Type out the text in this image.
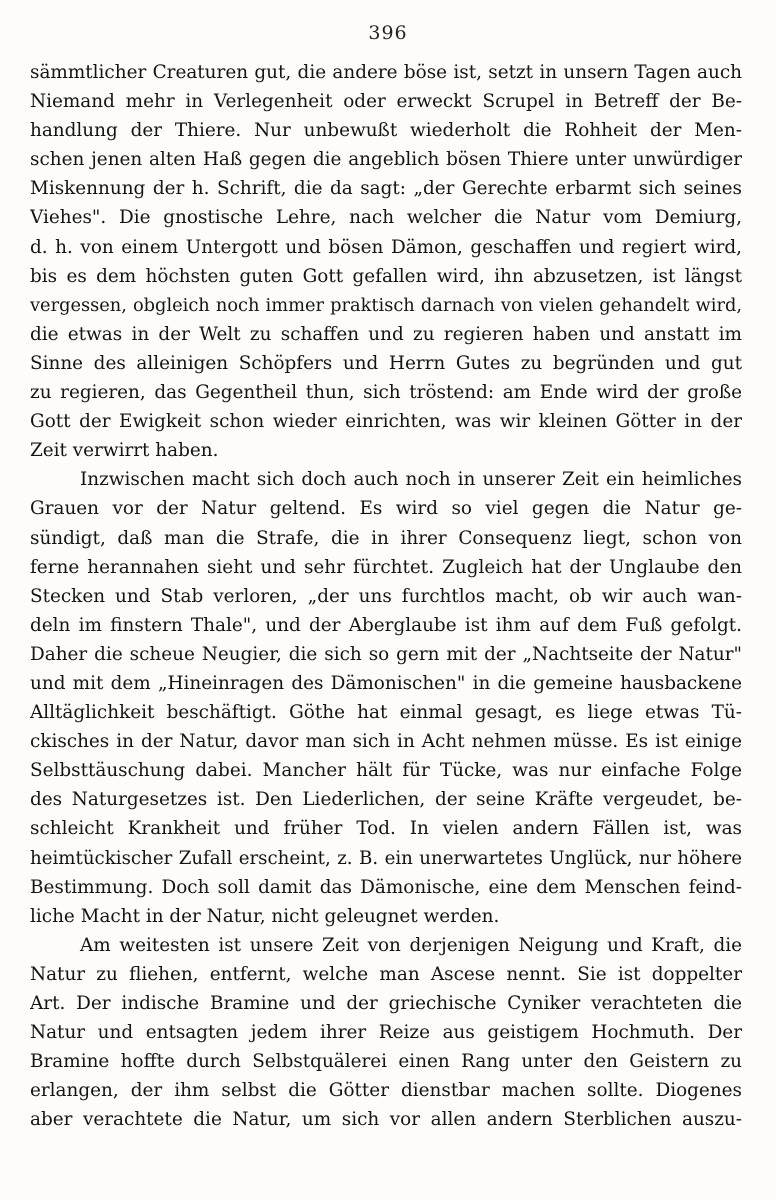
396
sämmtlicher Creaturen gut, die andere böse ist, setzt in unsern Tagen auch
Niemand mehr in Verlegenheit oder erweckt Scrupel in Betreff der Be-
handlung der Thiere. Nur unbewußt wiederholt die Rohheit der Men-
schen jenen alten Haß gegen die angeblich bösen Thiere unter unwürdiger
Miskennung der h. Schrift, die da sagt: „der Gerechte erbarmt sich seines
Viehes". Die gnostische Lehre, nach welcher die Natur vom Demiurg,
d. h. von einem Untergott und bösen Dämon, geschaffen und regiert wird,
bis es dem höchsten guten Gott gefallen wird, ihn abzusetzen, ist längst
vergessen, obgleich noch immer praktisch darnach von vielen gehandelt wird,
die etwas in der Welt zu schaffen und zu regieren haben und anstatt im
Sinne des alleinigen Schöpfers und Herrn Gutes zu begründen und gut
zu regieren, das Gegentheil thun, sich tröstend: am Ende wird der große
Gott der Ewigkeit schon wieder einrichten, was wir kleinen Götter in der
Zeit verwirrt haben.
Inzwischen macht sich doch auch noch in unserer Zeit ein heimliches
Grauen vor der Natur geltend. Es wird so viel gegen die Natur ge-
sündigt, daß man die Strafe, die in ihrer Consequenz liegt, schon von
ferne herannahen sieht und sehr fürchtet. Zugleich hat der Unglaube den
Stecken und Stab verloren, „der uns furchtlos macht, ob wir auch wan-
deln im finstern Thale", und der Aberglaube ist ihm auf dem Fuß gefolgt.
Daher die scheue Neugier, die sich so gern mit der „Nachtseite der Natur"
und mit dem „Hineinragen des Dämonischen" in die gemeine hausbackene
Alltäglichkeit beschäftigt. Göthe hat einmal gesagt, es liege etwas Tü-
ckisches in der Natur, davor man sich in Acht nehmen müsse. Es ist einige
Selbsttäuschung dabei. Mancher hält für Tücke, was nur einfache Folge
des Naturgesetzes ist. Den Liederlichen, der seine Kräfte vergeudet, be-
schleicht Krankheit und früher Tod. In vielen andern Fällen ist, was
heimtückischer Zufall erscheint, z. B. ein unerwartetes Unglück, nur höhere
Bestimmung. Doch soll damit das Dämonische, eine dem Menschen feind-
liche Macht in der Natur, nicht geleugnet werden.
Am weitesten ist unsere Zeit von derjenigen Neigung und Kraft, die
Natur zu fliehen, entfernt, welche man Ascese nennt. Sie ist doppelter
Art. Der indische Bramine und der griechische Cyniker verachteten die
Natur und entsagten jedem ihrer Reize aus geistigem Hochmuth. Der
Bramine hoffte durch Selbstquälerei einen Rang unter den Geistern zu
erlangen, der ihm selbst die Götter dienstbar machen sollte. Diogenes
aber verachtete die Natur, um sich vor allen andern Sterblichen auszu-
